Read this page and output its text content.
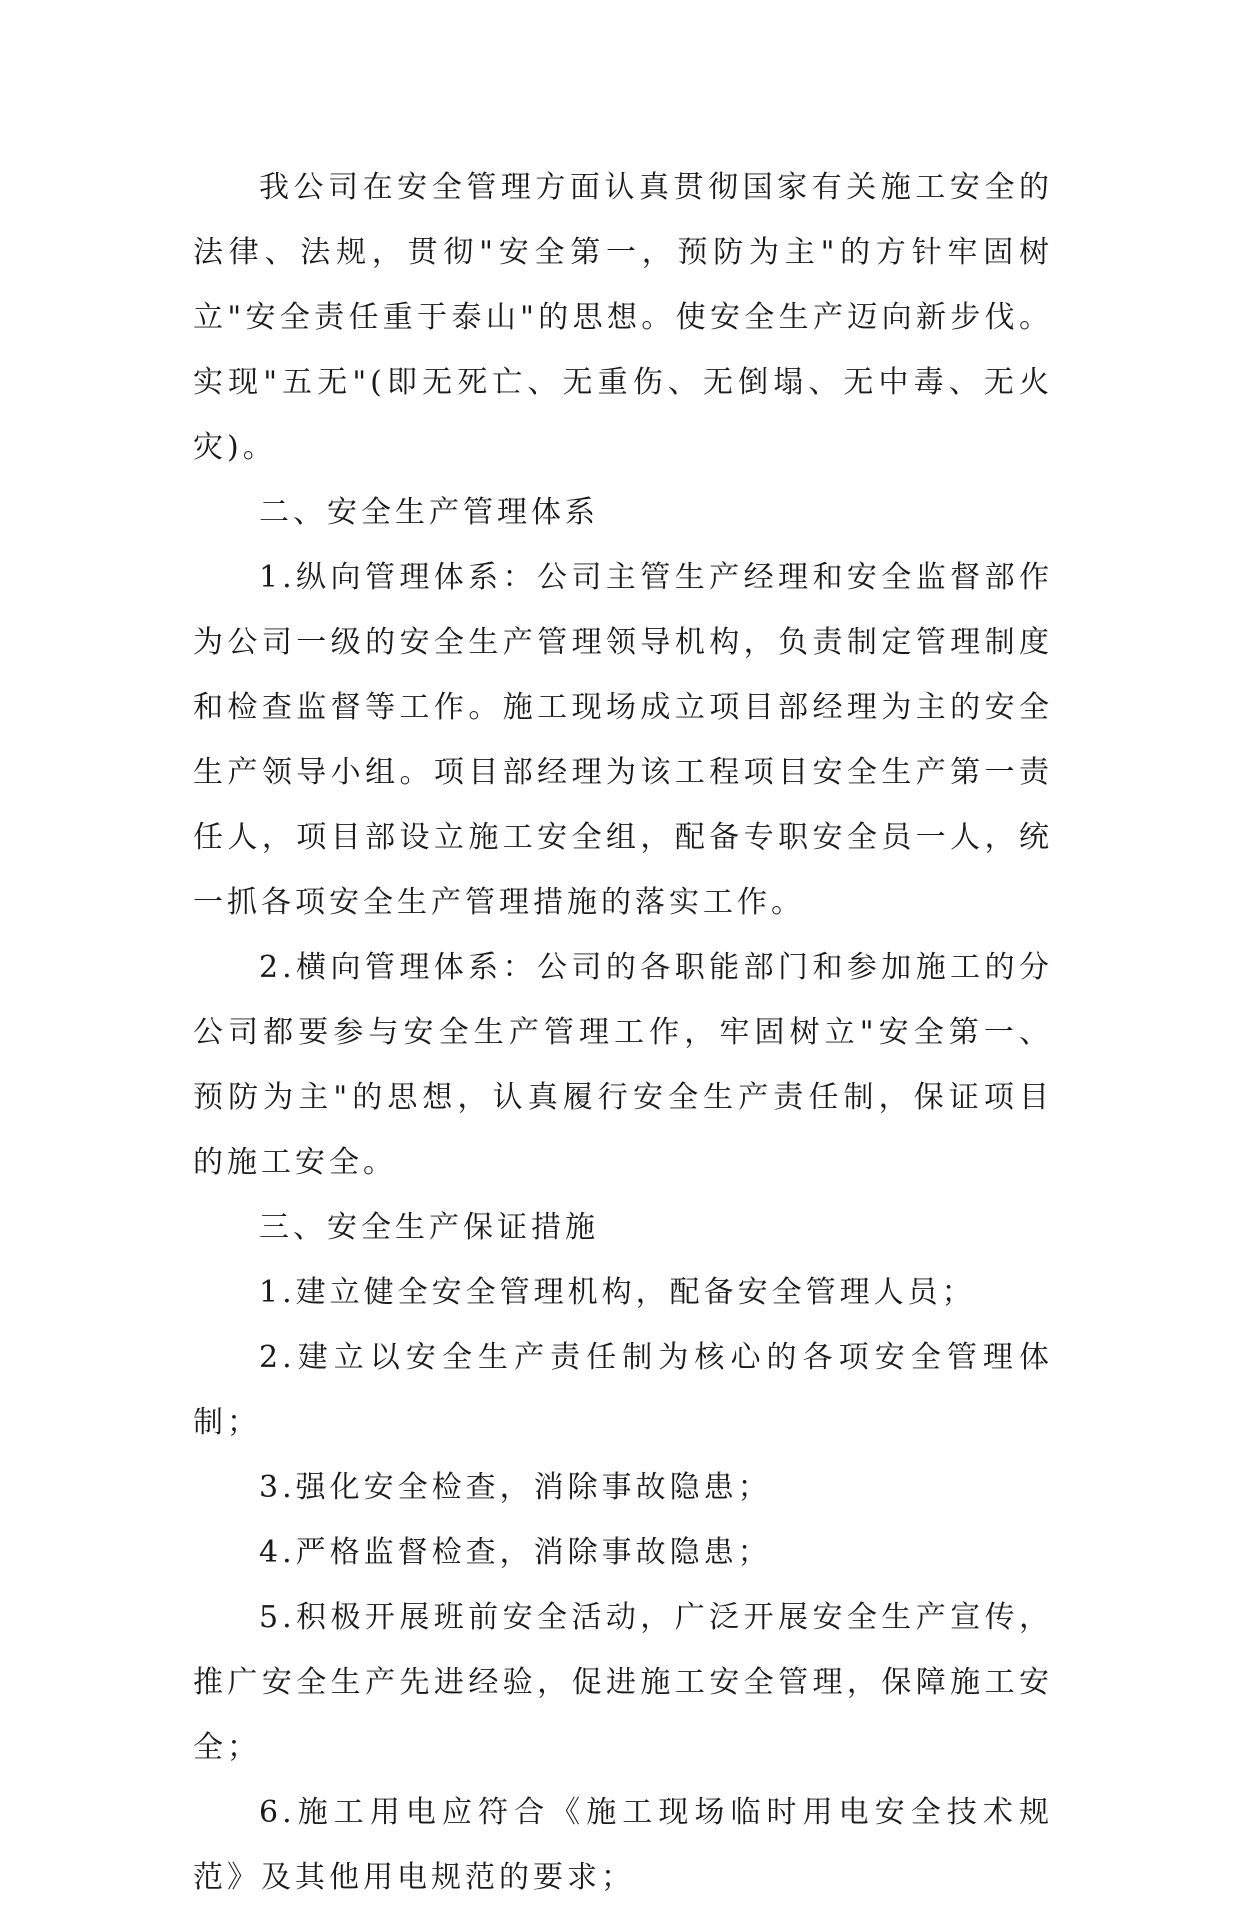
我公司在安全管理方面认真贯彻国家有关施工安全的法律、法规，贯彻"安全第一，预防为主"的方针牢固树立"安全责任重于泰山"的思想。使安全生产迈向新步伐。实现"五无"(即无死亡、无重伤、无倒塌、无中毒、无火灾)。

二、安全生产管理体系

1.纵向管理体系：公司主管生产经理和安全监督部作为公司一级的安全生产管理领导机构，负责制定管理制度和检查监督等工作。施工现场成立项目部经理为主的安全生产领导小组。项目部经理为该工程项目安全生产第一责任人，项目部设立施工安全组，配备专职安全员一人，统一抓各项安全生产管理措施的落实工作。

2.横向管理体系：公司的各职能部门和参加施工的分公司都要参与安全生产管理工作，牢固树立"安全第一、预防为主"的思想，认真履行安全生产责任制，保证项目的施工安全。

三、安全生产保证措施

1.建立健全安全管理机构，配备安全管理人员；

2.建立以安全生产责任制为核心的各项安全管理体制；

3.强化安全检查，消除事故隐患；

4.严格监督检查，消除事故隐患；

5.积极开展班前安全活动，广泛开展安全生产宣传，推广安全生产先进经验，促进施工安全管理，保障施工安全；

6.施工用电应符合《施工现场临时用电安全技术规范》及其他用电规范的要求；
